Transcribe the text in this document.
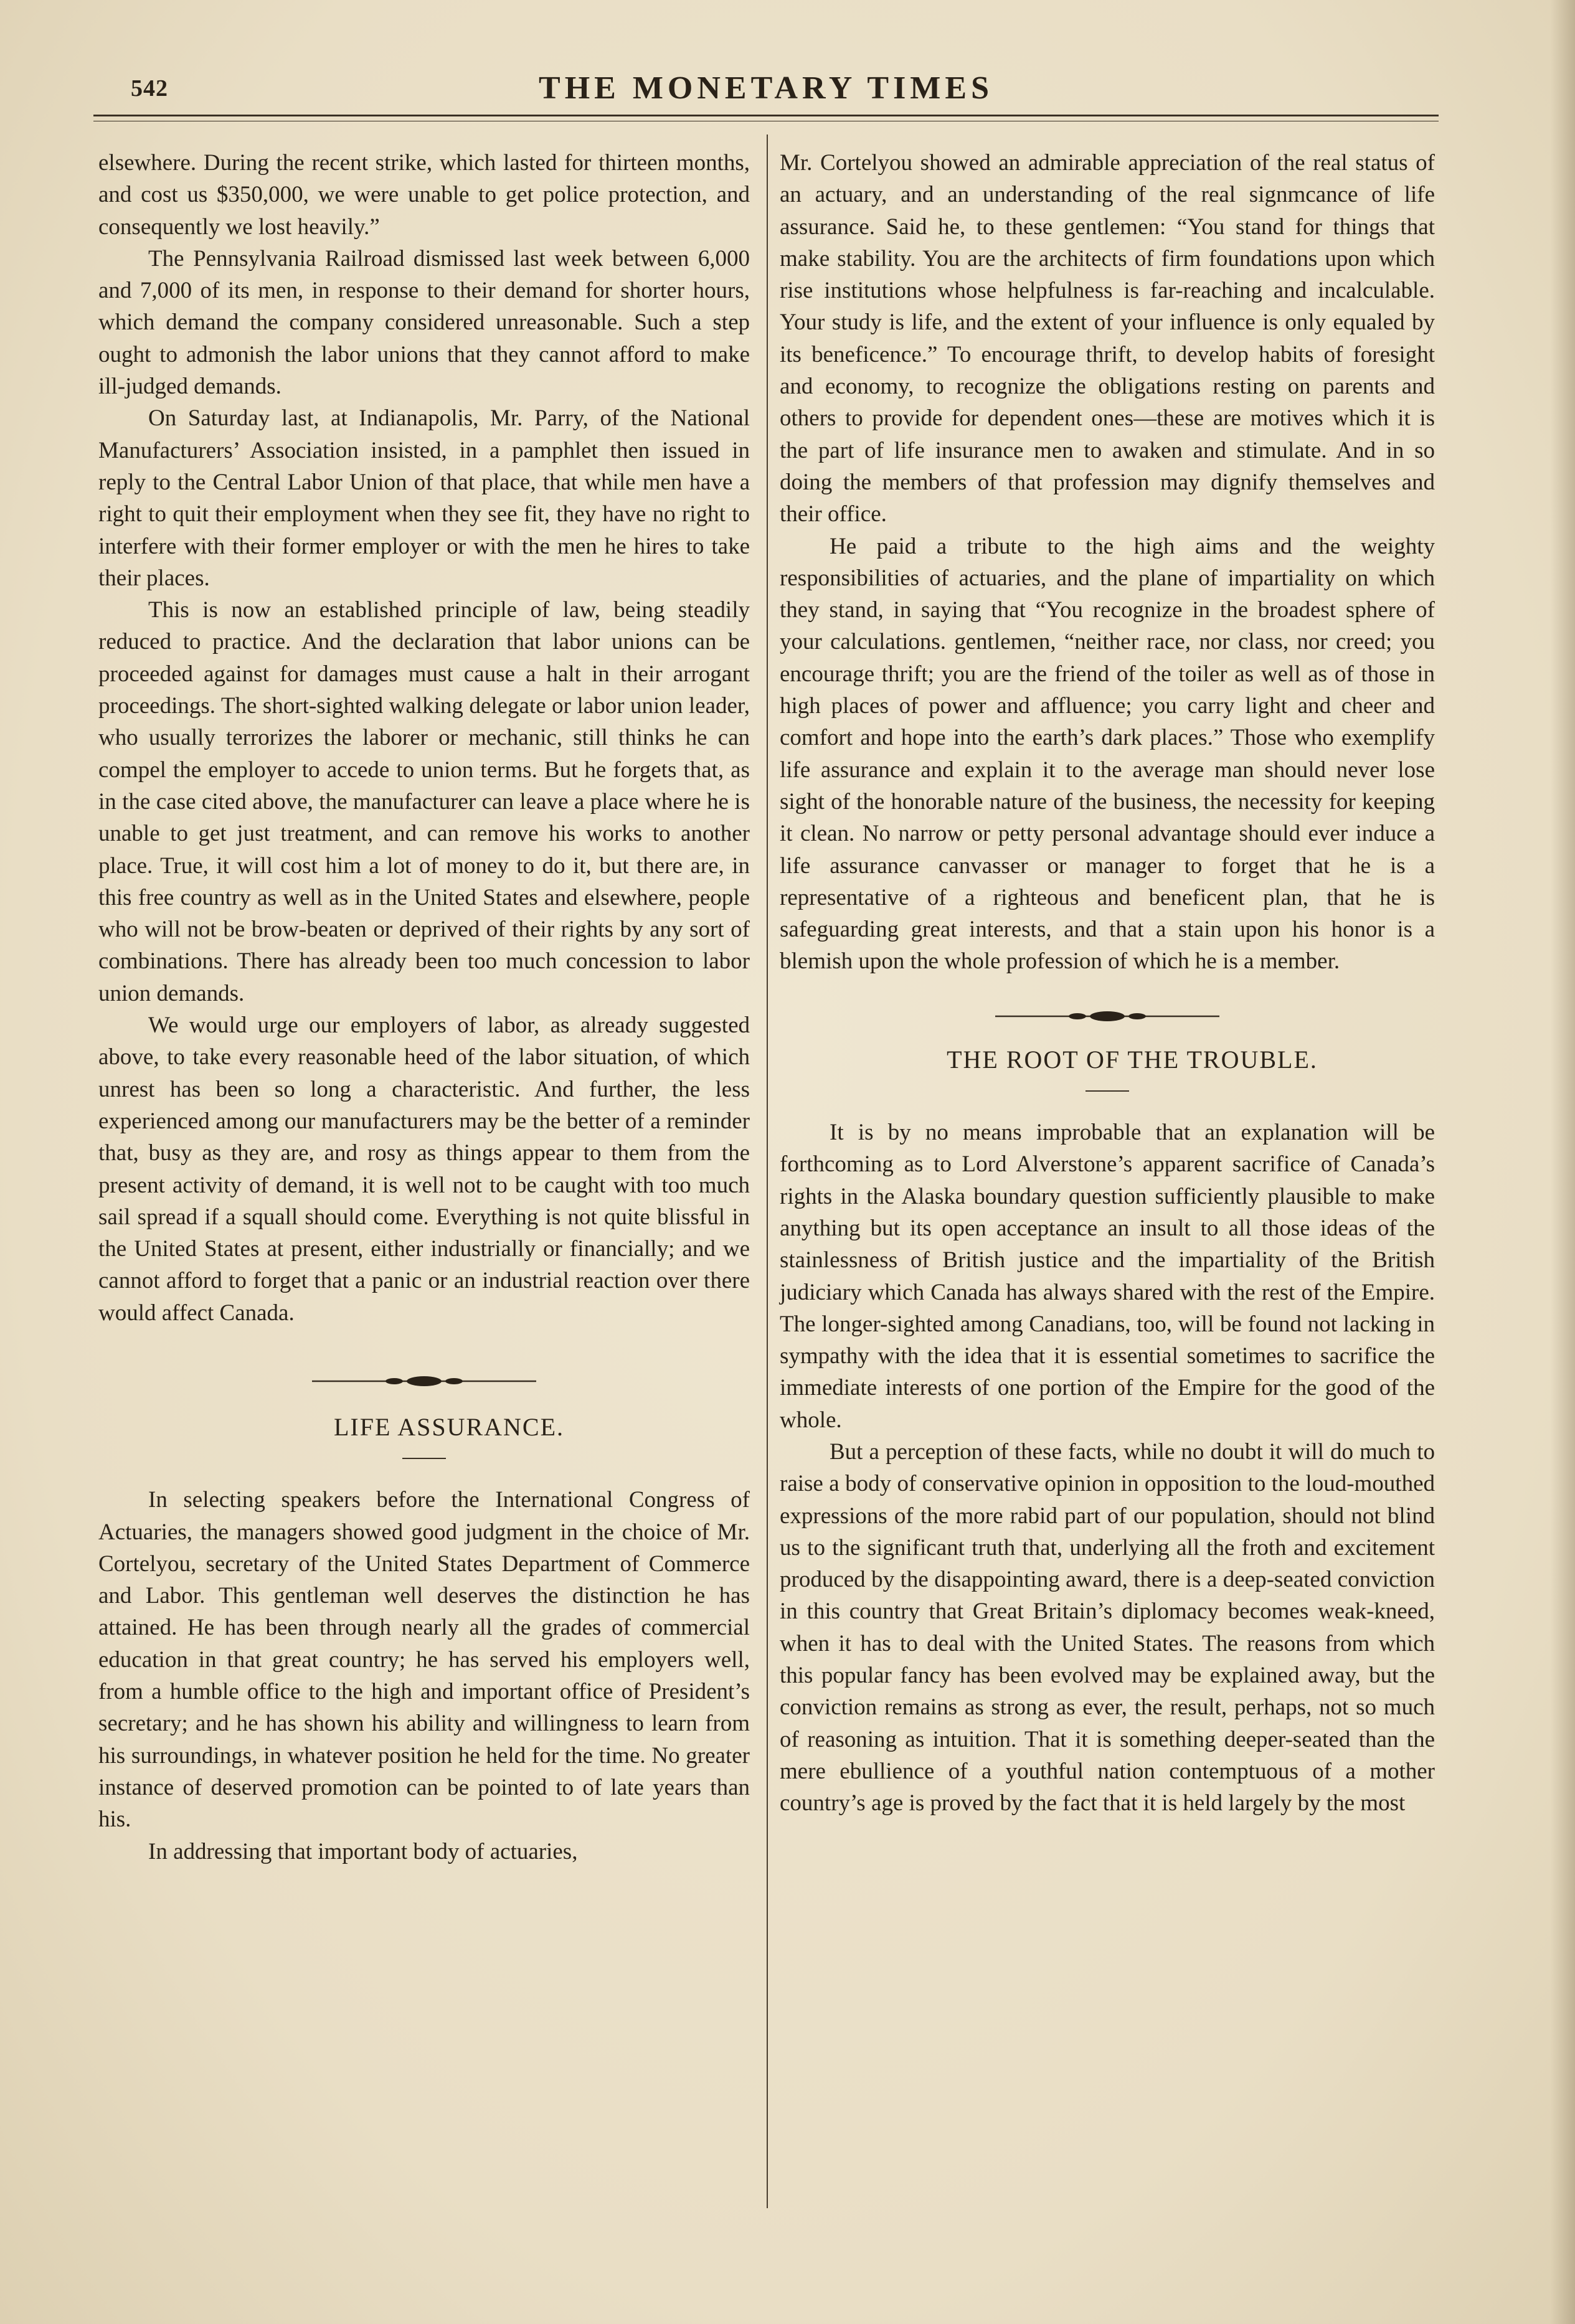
542	THE MONETARY TIMES

elsewhere. During the recent strike, which lasted for thirteen months, and cost us $350,000, we were unable to get police protection, and consequently we lost heavily.”

The Pennsylvania Railroad dismissed last week between 6,000 and 7,000 of its men, in response to their demand for shorter hours, which demand the company considered unreasonable. Such a step ought to admonish the labor unions that they cannot afford to make ill-judged demands.

On Saturday last, at Indianapolis, Mr. Parry, of the National Manufacturers’ Association insisted, in a pamphlet then issued in reply to the Central Labor Union of that place, that while men have a right to quit their employment when they see fit, they have no right to interfere with their former employer or with the men he hires to take their places.

This is now an established principle of law, being steadily reduced to practice. And the declaration that labor unions can be proceeded against for damages must cause a halt in their arrogant proceedings. The short-sighted walking delegate or labor union leader, who usually terrorizes the laborer or mechanic, still thinks he can compel the employer to accede to union terms. But he forgets that, as in the case cited above, the manufacturer can leave a place where he is unable to get just treatment, and can remove his works to another place. True, it will cost him a lot of money to do it, but there are, in this free country as well as in the United States and elsewhere, people who will not be brow-beaten or deprived of their rights by any sort of combinations. There has already been too much concession to labor union demands.

We would urge our employers of labor, as already suggested above, to take every reasonable heed of the labor situation, of which unrest has been so long a characteristic. And further, the less experienced among our manufacturers may be the better of a reminder that, busy as they are, and rosy as things appear to them from the present activity of demand, it is well not to be caught with too much sail spread if a squall should come. Everything is not quite blissful in the United States at present, either industrially or financially; and we cannot afford to forget that a panic or an industrial reaction over there would affect Canada.

LIFE ASSURANCE.

In selecting speakers before the International Congress of Actuaries, the managers showed good judgment in the choice of Mr. Cortelyou, secretary of the United States Department of Commerce and Labor. This gentleman well deserves the distinction he has attained. He has been through nearly all the grades of commercial education in that great country; he has served his employers well, from a humble office to the high and important office of President’s secretary; and he has shown his ability and willingness to learn from his surroundings, in whatever position he held for the time. No greater instance of deserved promotion can be pointed to of late years than his.

In addressing that important body of actuaries,

Mr. Cortelyou showed an admirable appreciation of the real status of an actuary, and an understanding of the real signmcance of life assurance. Said he, to these gentlemen: “You stand for things that make stability. You are the architects of firm foundations upon which rise institutions whose helpfulness is far-reaching and incalculable. Your study is life, and the extent of your influence is only equaled by its beneficence.” To encourage thrift, to develop habits of foresight and economy, to recognize the obligations resting on parents and others to provide for dependent ones—these are motives which it is the part of life insurance men to awaken and stimulate. And in so doing the members of that profession may dignify themselves and their office.

He paid a tribute to the high aims and the weighty responsibilities of actuaries, and the plane of impartiality on which they stand, in saying that “You recognize in the broadest sphere of your calculations. gentlemen, “neither race, nor class, nor creed; you encourage thrift; you are the friend of the toiler as well as of those in high places of power and affluence; you carry light and cheer and comfort and hope into the earth’s dark places.” Those who exemplify life assurance and explain it to the average man should never lose sight of the honorable nature of the business, the necessity for keeping it clean. No narrow or petty personal advantage should ever induce a life assurance canvasser or manager to forget that he is a representative of a righteous and beneficent plan, that he is safeguarding great interests, and that a stain upon his honor is a blemish upon the whole profession of which he is a member.

THE ROOT OF THE TROUBLE.

It is by no means improbable that an explanation will be forthcoming as to Lord Alverstone’s apparent sacrifice of Canada’s rights in the Alaska boundary question sufficiently plausible to make anything but its open acceptance an insult to all those ideas of the stainlessness of British justice and the impartiality of the British judiciary which Canada has always shared with the rest of the Empire. The longer-sighted among Canadians, too, will be found not lacking in sympathy with the idea that it is essential sometimes to sacrifice the immediate interests of one portion of the Empire for the good of the whole.

But a perception of these facts, while no doubt it will do much to raise a body of conservative opinion in opposition to the loud-mouthed expressions of the more rabid part of our population, should not blind us to the significant truth that, underlying all the froth and excitement produced by the disappointing award, there is a deep-seated conviction in this country that Great Britain’s diplomacy becomes weak-kneed, when it has to deal with the United States. The reasons from which this popular fancy has been evolved may be explained away, but the conviction remains as strong as ever, the result, perhaps, not so much of reasoning as intuition. That it is something deeper-seated than the mere ebullience of a youthful nation contemptuous of a mother country’s age is proved by the fact that it is held largely by the most
